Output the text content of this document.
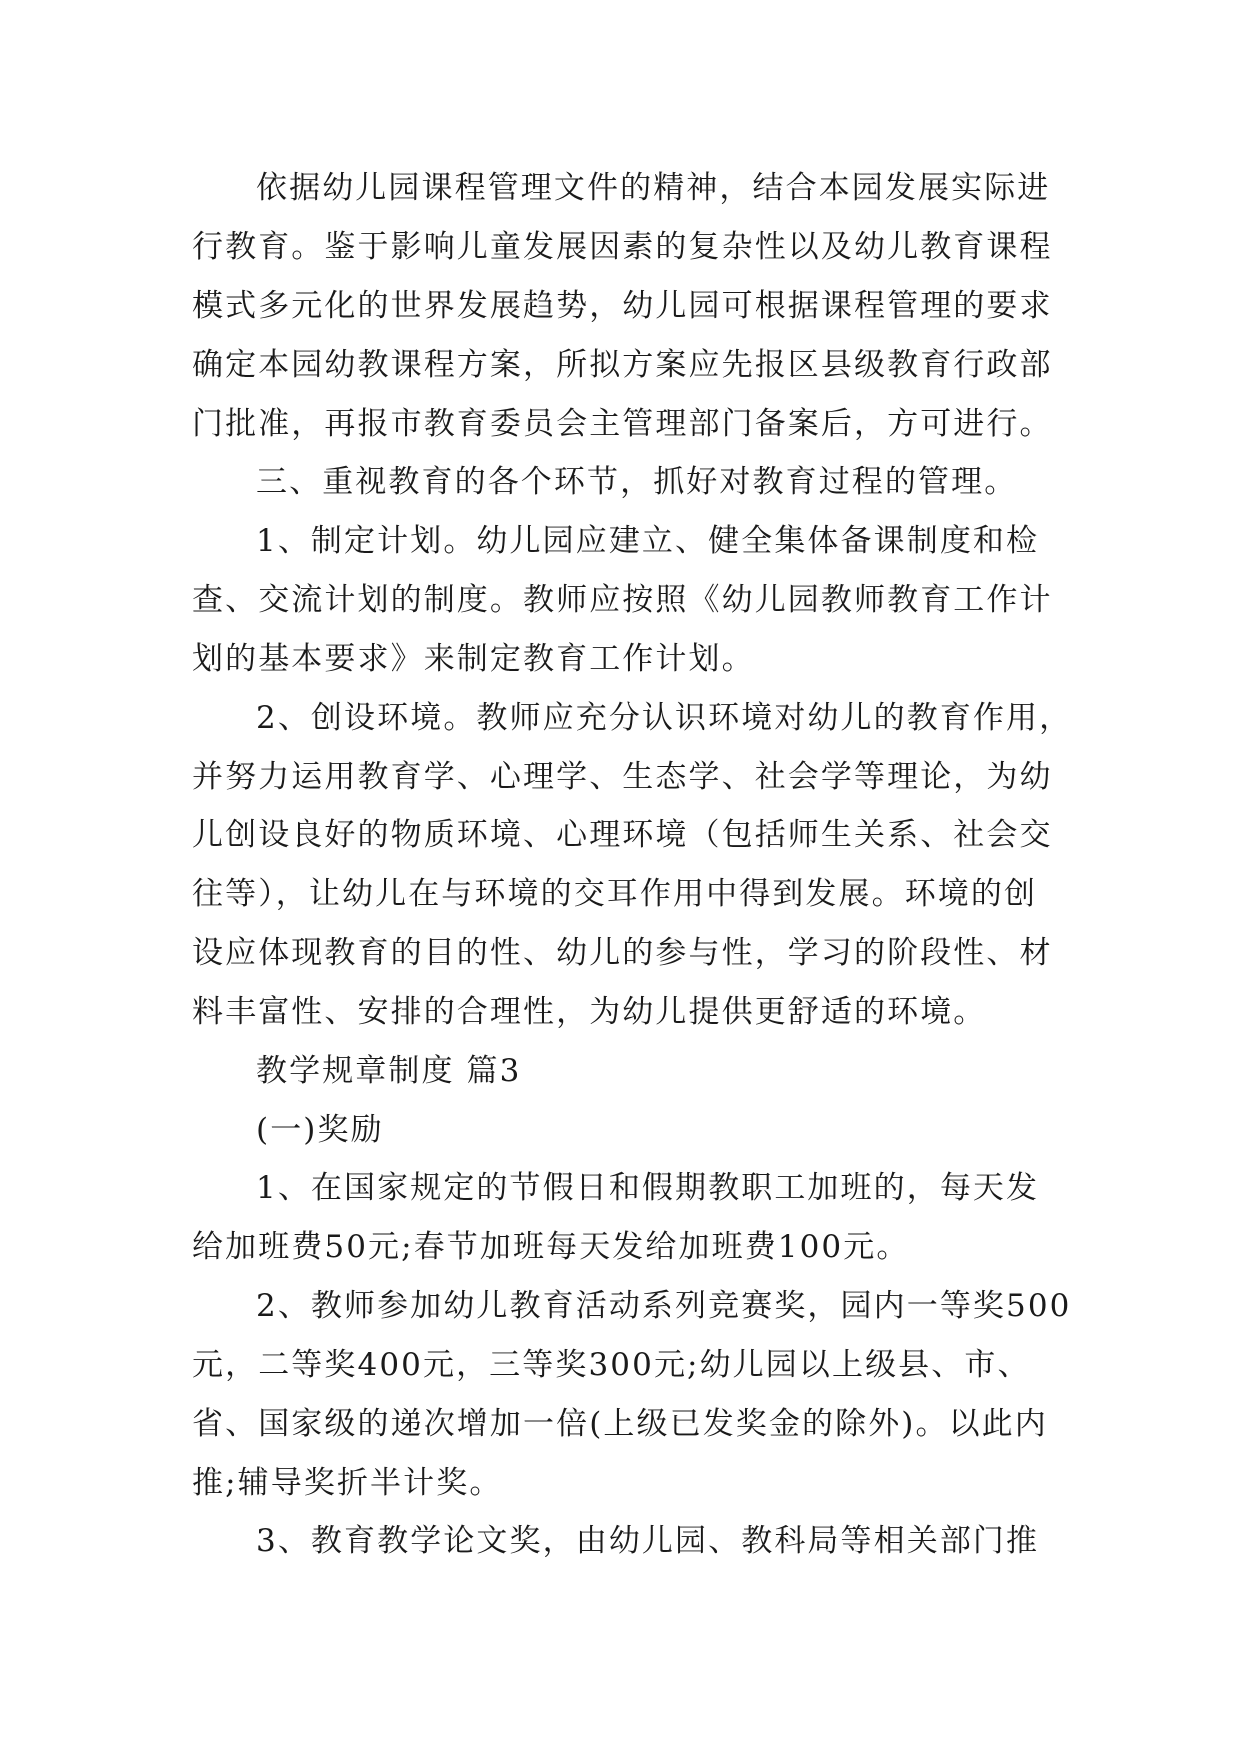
依据幼儿园课程管理文件的精神，结合本园发展实际进
行教育。鉴于影响儿童发展因素的复杂性以及幼儿教育课程
模式多元化的世界发展趋势，幼儿园可根据课程管理的要求
确定本园幼教课程方案，所拟方案应先报区县级教育行政部
门批准，再报市教育委员会主管理部门备案后，方可进行。
三、重视教育的各个环节，抓好对教育过程的管理。
1、制定计划。幼儿园应建立、健全集体备课制度和检
查、交流计划的制度。教师应按照《幼儿园教师教育工作计
划的基本要求》来制定教育工作计划。
2、创设环境。教师应充分认识环境对幼儿的教育作用，
并努力运用教育学、心理学、生态学、社会学等理论，为幼
儿创设良好的物质环境、心理环境（包括师生关系、社会交
往等），让幼儿在与环境的交耳作用中得到发展。环境的创
设应体现教育的目的性、幼儿的参与性，学习的阶段性、材
料丰富性、安排的合理性，为幼儿提供更舒适的环境。
教学规章制度 篇3
(一)奖励
1、在国家规定的节假日和假期教职工加班的，每天发
给加班费50元;春节加班每天发给加班费100元。
2、教师参加幼儿教育活动系列竞赛奖，园内一等奖500
元，二等奖400元，三等奖300元;幼儿园以上级县、市、
省、国家级的递次增加一倍(上级已发奖金的除外)。以此内
推;辅导奖折半计奖。
3、教育教学论文奖，由幼儿园、教科局等相关部门推
